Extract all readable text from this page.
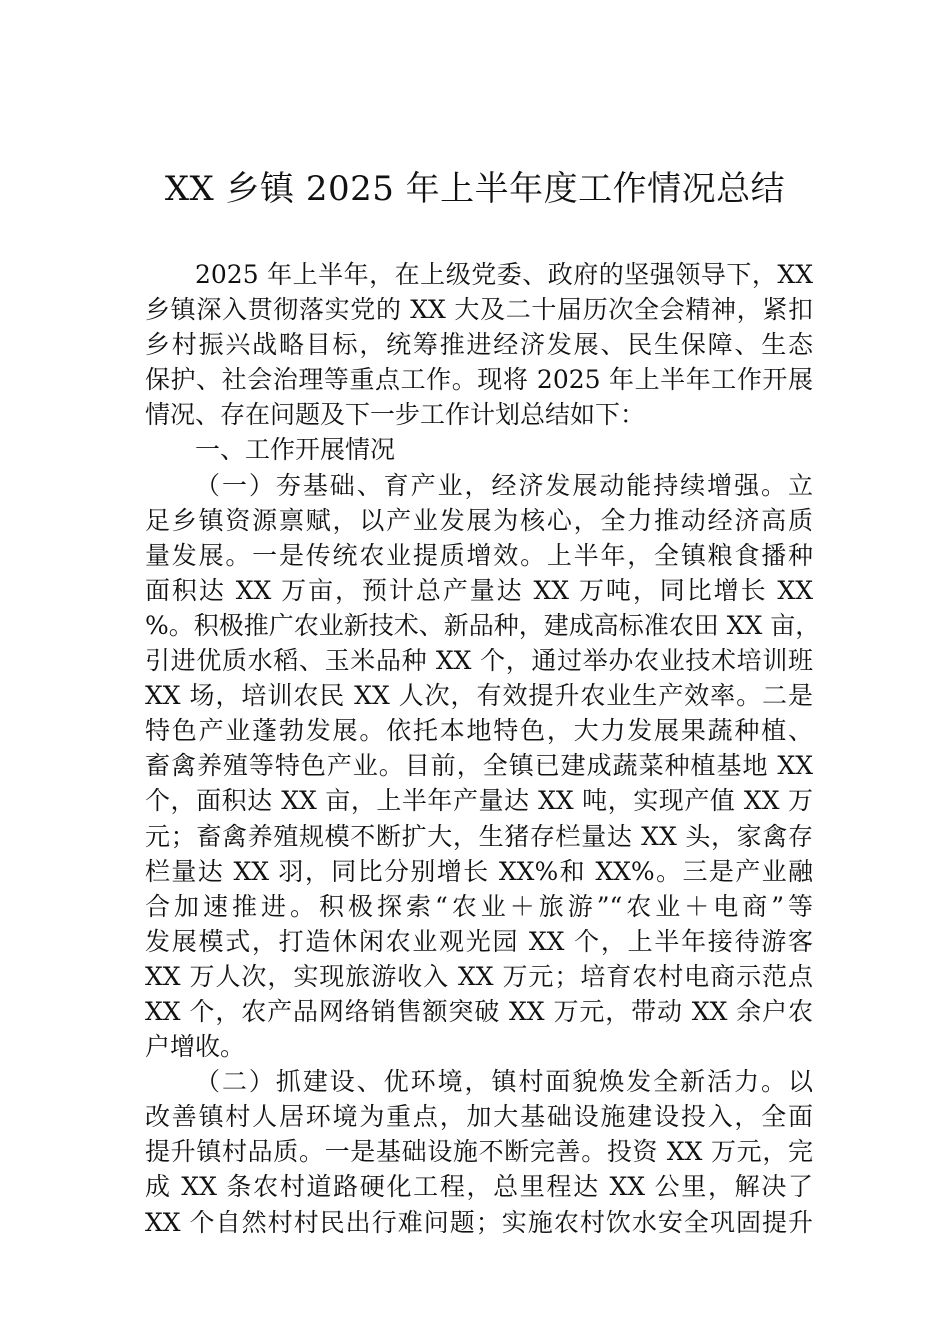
XX 乡镇 2025 年上半年度工作情况总结
2025 年上半年，在上级党委、政府的坚强领导下，XX
乡镇深入贯彻落实党的 XX 大及二十届历次全会精神，紧扣
乡村振兴战略目标，统筹推进经济发展、民生保障、生态
保护、社会治理等重点工作。现将 2025 年上半年工作开展
情况、存在问题及下一步工作计划总结如下：
一、工作开展情况
（一）夯基础、育产业，经济发展动能持续增强。立
足乡镇资源禀赋，以产业发展为核心，全力推动经济高质
量发展。一是传统农业提质增效。上半年，全镇粮食播种
面积达 XX 万亩，预计总产量达 XX 万吨，同比增长 XX
%。积极推广农业新技术、新品种，建成高标准农田 XX 亩，
引进优质水稻、玉米品种 XX 个，通过举办农业技术培训班
XX 场，培训农民 XX 人次，有效提升农业生产效率。二是
特色产业蓬勃发展。依托本地特色，大力发展果蔬种植、
畜禽养殖等特色产业。目前，全镇已建成蔬菜种植基地 XX
个，面积达 XX 亩，上半年产量达 XX 吨，实现产值 XX 万
元；畜禽养殖规模不断扩大，生猪存栏量达 XX 头，家禽存
栏量达 XX 羽，同比分别增长 XX%和 XX%。三是产业融
合加速推进。积极探索“农业＋旅游”“农业＋电商”等
发展模式，打造休闲农业观光园 XX 个，上半年接待游客
XX 万人次，实现旅游收入 XX 万元；培育农村电商示范点
XX 个，农产品网络销售额突破 XX 万元，带动 XX 余户农
户增收。
（二）抓建设、优环境，镇村面貌焕发全新活力。以
改善镇村人居环境为重点，加大基础设施建设投入，全面
提升镇村品质。一是基础设施不断完善。投资 XX 万元，完
成 XX 条农村道路硬化工程，总里程达 XX 公里，解决了
XX 个自然村村民出行难问题；实施农村饮水安全巩固提升
